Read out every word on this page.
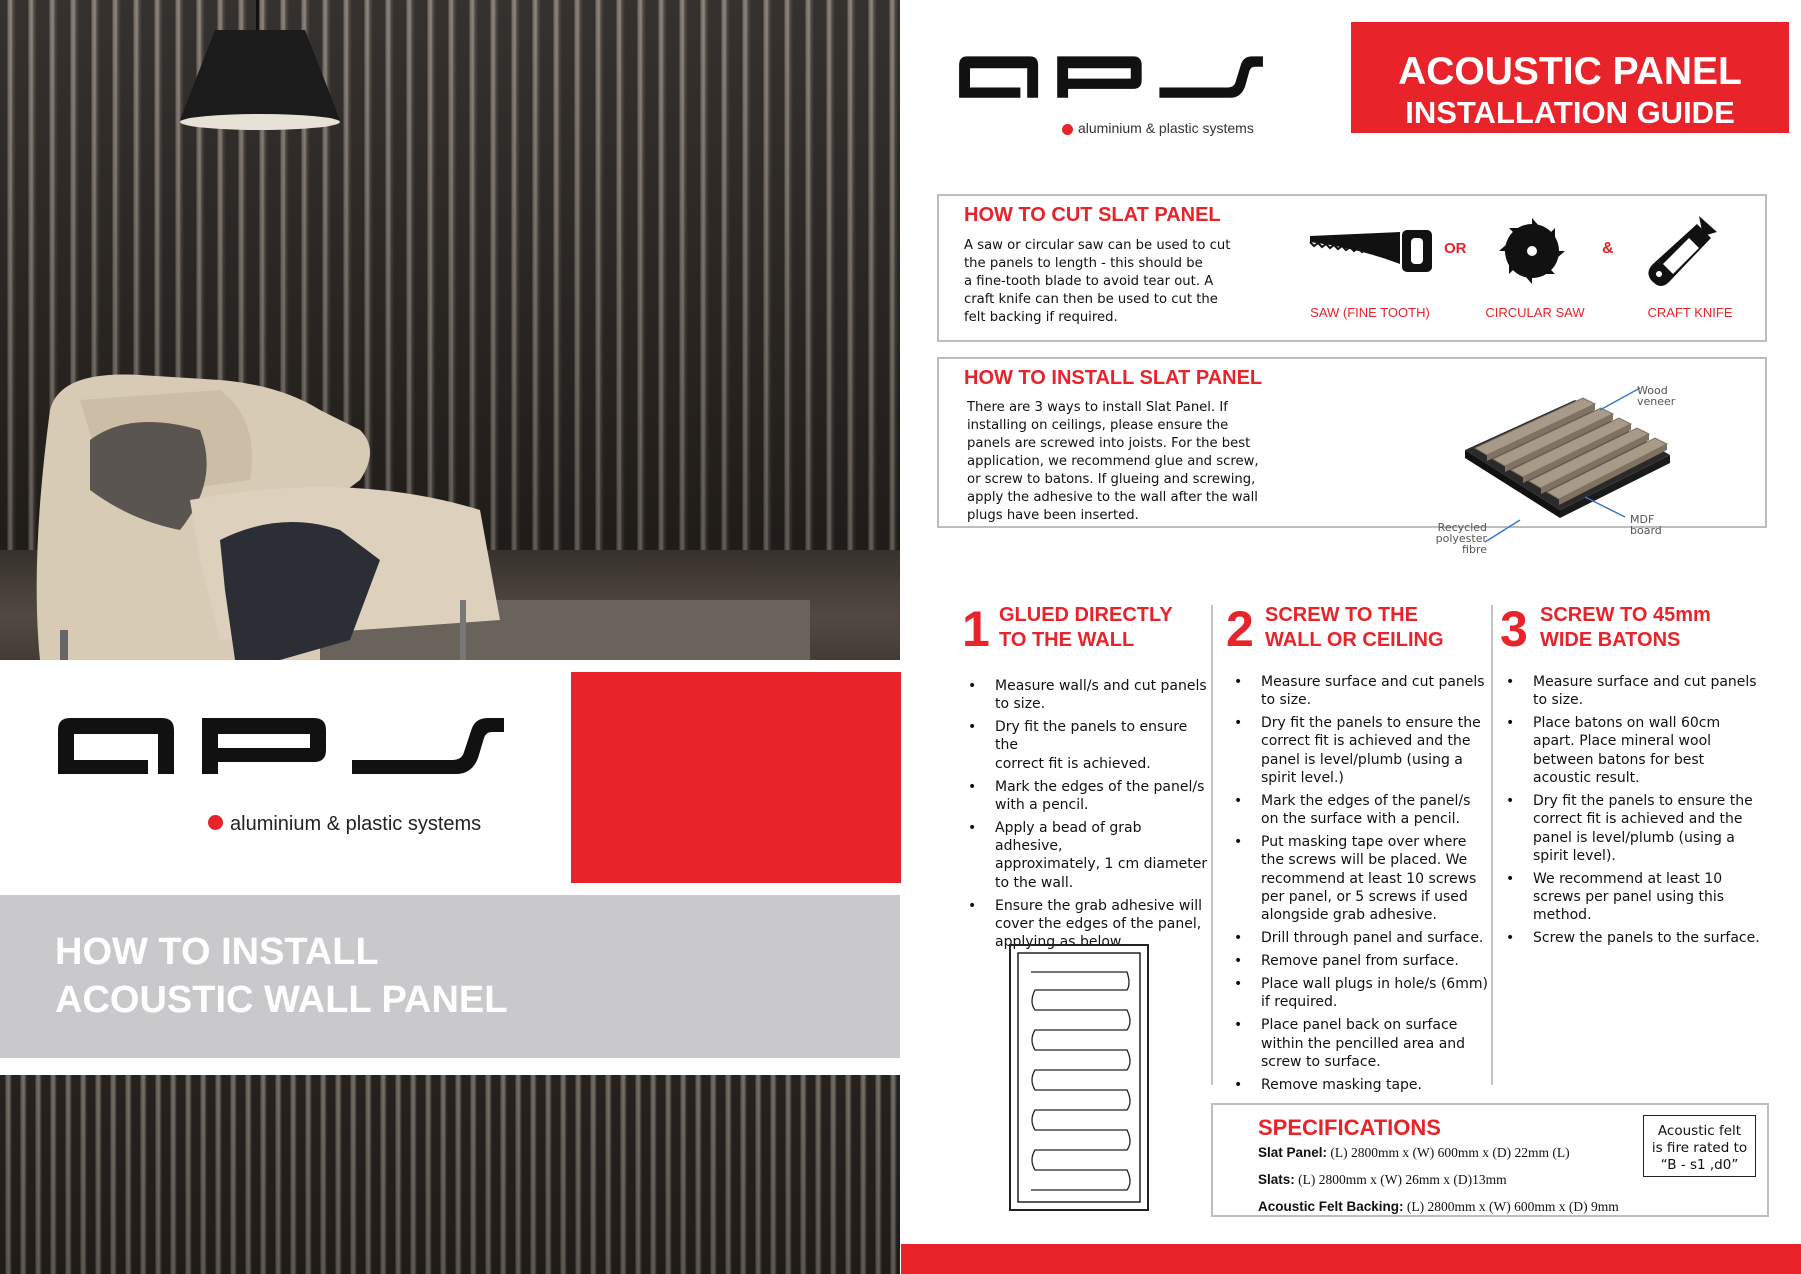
aluminium & plastic systems
HOW TO INSTALL
ACOUSTIC WALL PANEL
aluminium & plastic systems
ACOUSTIC PANEL
INSTALLATION GUIDE
HOW TO CUT SLAT PANEL
A saw or circular saw can be used to cut
the panels to length - this should be
a fine-tooth blade to avoid tear out. A
craft knife can then be used to cut the
felt backing if required.
OR	&
SAW (FINE TOOTH)	CIRCULAR SAW	CRAFT KNIFE
HOW TO INSTALL SLAT PANEL
There are 3 ways to install Slat Panel. If
installing on ceilings, please ensure the
panels are screwed into joists. For the best
application, we recommend glue and screw,
or screw to batons. If glueing and screwing,
apply the adhesive to the wall after the wall
plugs have been inserted.
Wood
veneer
MDF
board
Recycled
polyester
fibre
1 GLUED DIRECTLY
TO THE WALL
• Measure wall/s and cut panels
to size.
• Dry fit the panels to ensure the
correct fit is achieved.
• Mark the edges of the panel/s
with a pencil.
• Apply a bead of grab adhesive,
approximately, 1 cm diameter
to the wall.
• Ensure the grab adhesive will
cover the edges of the panel,
applying as below.
2 SCREW TO THE
WALL OR CEILING
• Measure surface and cut panels
to size.
• Dry fit the panels to ensure the
correct fit is achieved and the
panel is level/plumb (using a
spirit level.)
• Mark the edges of the panel/s
on the surface with a pencil.
• Put masking tape over where
the screws will be placed. We
recommend at least 10 screws
per panel, or 5 screws if used
alongside grab adhesive.
• Drill through panel and surface.
• Remove panel from surface.
• Place wall plugs in hole/s (6mm)
if required.
• Place panel back on surface
within the pencilled area and
screw to surface.
• Remove masking tape.
3 SCREW TO 45mm
WIDE BATONS
• Measure surface and cut panels
to size.
• Place batons on wall 60cm
apart. Place mineral wool
between batons for best
acoustic result.
• Dry fit the panels to ensure the
correct fit is achieved and the
panel is level/plumb (using a
spirit level).
• We recommend at least 10
screws per panel using this
method.
• Screw the panels to the surface.
SPECIFICATIONS
Slat Panel: (L) 2800mm x (W) 600mm x (D) 22mm (L)
Slats: (L) 2800mm x (W) 26mm x (D)13mm
Acoustic Felt Backing: (L) 2800mm x (W) 600mm x (D) 9mm
Acoustic felt
is fire rated to
“B - s1 ,d0”
